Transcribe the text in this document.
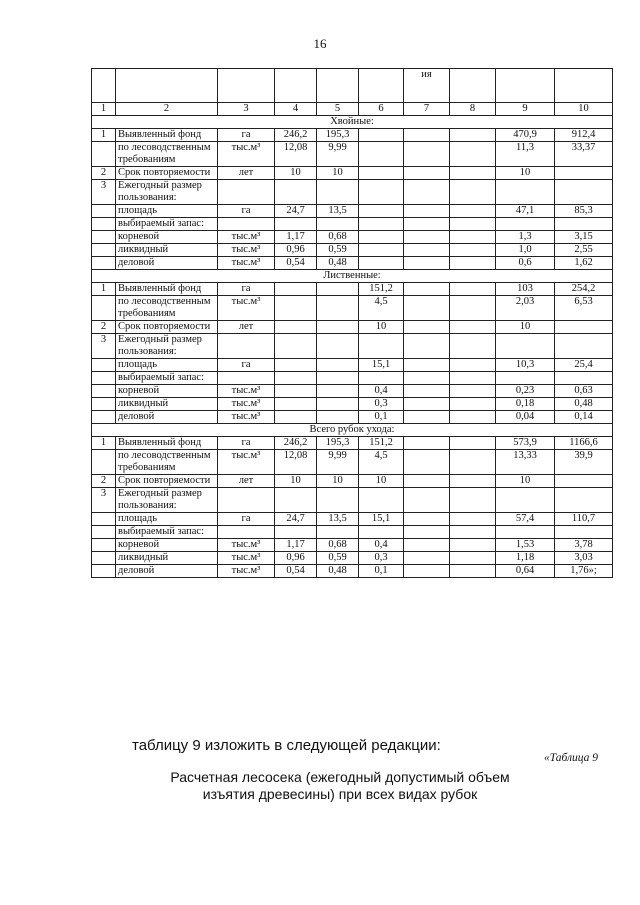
16
						ия			
1	2	3	4	5	6	7	8	9	10
Хвойные:									
1	Выявленный фонд	га	246,2	195,3				470,9	912,4
	по лесоводственным требованиям	тыс.м³	12,08	9,99				11,3	33,37
2	Срок повторяемости	лет	10	10				10	
3	Ежегодный размер пользования:								
	площадь	га	24,7	13,5				47,1	85,3
	выбираемый запас:								
	корневой	тыс.м³	1,17	0,68				1,3	3,15
	ликвидный	тыс.м³	0,96	0,59				1,0	2,55
	деловой	тыс.м³	0,54	0,48				0,6	1,62
Лиственные:									
1	Выявленный фонд	га			151,2			103	254,2
	по лесоводственным требованиям	тыс.м³			4,5			2,03	6,53
2	Срок повторяемости	лет			10			10	
3	Ежегодный размер пользования:								
	площадь	га			15,1			10,3	25,4
	выбираемый запас:								
	корневой	тыс.м³			0,4			0,23	0,63
	ликвидный	тыс.м³			0,3			0,18	0,48
	деловой	тыс.м³			0,1			0,04	0,14
Всего рубок ухода:									
1	Выявленный фонд	га	246,2	195,3	151,2			573,9	1166,6
	по лесоводственным требованиям	тыс.м³	12,08	9,99	4,5			13,33	39,9
2	Срок повторяемости	лет	10	10	10			10	
3	Ежегодный размер пользования:								
	площадь	га	24,7	13,5	15,1			57,4	110,7
	выбираемый запас:								
	корневой	тыс.м³	1,17	0,68	0,4			1,53	3,78
	ликвидный	тыс.м³	0,96	0,59	0,3			1,18	3,03
	деловой	тыс.м³	0,54	0,48	0,1			0,64	1,76»;
таблицу 9 изложить в следующей редакции:
«Таблица 9
Расчетная лесосека (ежегодный допустимый объем изъятия древесины) при всех видах рубок
